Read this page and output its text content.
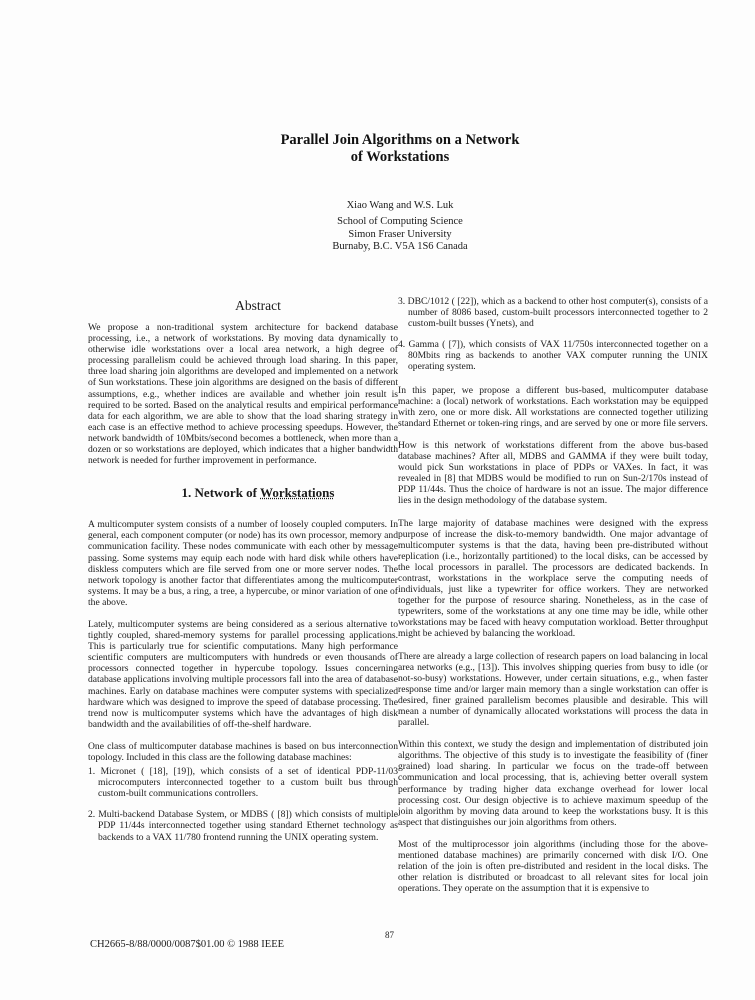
Parallel Join Algorithms on a Network
of Workstations
Xiao Wang and W.S. Luk
School of Computing Science
Simon Fraser University
Burnaby, B.C. V5A 1S6 Canada
Abstract

We propose a non-traditional system architecture for backend database processing, i.e., a network of workstations. By moving data dynamically to otherwise idle workstations over a local area network, a high degree of processing parallelism could be achieved through load sharing. In this paper, three load sharing join algorithms are developed and implemented on a network of Sun workstations. These join algorithms are designed on the basis of different assumptions, e.g., whether indices are available and whether join result is required to be sorted. Based on the analytical results and empirical performance data for each algorithm, we are able to show that the load sharing strategy in each case is an effective method to achieve processing speedups. However, the network bandwidth of 10Mbits/second becomes a bottleneck, when more than a dozen or so workstations are deployed, which indicates that a higher bandwidth network is needed for further improvement in performance.

1. Network of Workstations

A multicomputer system consists of a number of loosely coupled computers. In general, each component computer (or node) has its own processor, memory and communication facility. These nodes communicate with each other by message passing. Some systems may equip each node with hard disk while others have diskless computers which are file served from one or more server nodes. The network topology is another factor that differentiates among the multicomputer systems. It may be a bus, a ring, a tree, a hypercube, or minor variation of one of the above.

Lately, multicomputer systems are being considered as a serious alternative to tightly coupled, shared-memory systems for parallel processing applications. This is particularly true for scientific computations. Many high performance scientific computers are multicomputers with hundreds or even thousands of processors connected together in hypercube topology. Issues concerning database applications involving multiple processors fall into the area of database machines. Early on database machines were computer systems with specialized hardware which was designed to improve the speed of database processing. The trend now is multicomputer systems which have the advantages of high disk bandwidth and the availabilities of off-the-shelf hardware.

One class of multicomputer database machines is based on bus interconnection topology. Included in this class are the following database machines:

1. Micronet ( [18], [19]), which consists of a set of identical PDP-11/03 microcomputers interconnected together to a custom built bus through custom-built communications controllers.
2. Multi-backend Database System, or MDBS ( [8]) which consists of multiple PDP 11/44s interconnected together using standard Ethernet technology as backends to a VAX 11/780 frontend running the UNIX operating system.
3. DBC/1012 ( [22]), which as a backend to other host computer(s), consists of a number of 8086 based, custom-built processors interconnected together to 2 custom-built busses (Ynets), and
4. Gamma ( [7]), which consists of VAX 11/750s interconnected together on a 80Mbits ring as backends to another VAX computer running the UNIX operating system.

In this paper, we propose a different bus-based, multicomputer database machine: a (local) network of workstations. Each workstation may be equipped with zero, one or more disk. All workstations are connected together utilizing standard Ethernet or token-ring rings, and are served by one or more file servers.

How is this network of workstations different from the above bus-based database machines? After all, MDBS and GAMMA if they were built today, would pick Sun workstations in place of PDPs or VAXes. In fact, it was revealed in [8] that MDBS would be modified to run on Sun-2/170s instead of PDP 11/44s. Thus the choice of hardware is not an issue. The major difference lies in the design methodology of the database system.

The large majority of database machines were designed with the express purpose of increase the disk-to-memory bandwidth. One major advantage of multicomputer systems is that the data, having been pre-distributed without replication (i.e., horizontally partitioned) to the local disks, can be accessed by the local processors in parallel. The processors are dedicated backends. In contrast, workstations in the workplace serve the computing needs of individuals, just like a typewriter for office workers. They are networked together for the purpose of resource sharing. Nonetheless, as in the case of typewriters, some of the workstations at any one time may be idle, while other workstations may be faced with heavy computation workload. Better throughput might be achieved by balancing the workload.

There are already a large collection of research papers on load balancing in local area networks (e.g., [13]). This involves shipping queries from busy to idle (or not-so-busy) workstations. However, under certain situations, e.g., when faster response time and/or larger main memory than a single workstation can offer is desired, finer grained parallelism becomes plausible and desirable. This will mean a number of dynamically allocated workstations will process the data in parallel.

Within this context, we study the design and implementation of distributed join algorithms. The objective of this study is to investigate the feasibility of (finer grained) load sharing. In particular we focus on the trade-off between communication and local processing, that is, achieving better overall system performance by trading higher data exchange overhead for lower local processing cost. Our design objective is to achieve maximum speedup of the join algorithm by moving data around to keep the workstations busy. It is this aspect that distinguishes our join algorithms from others.

Most of the multiprocessor join algorithms (including those for the above-mentioned database machines) are primarily concerned with disk I/O. One relation of the join is often pre-distributed and resident in the local disks. The other relation is distributed or broadcast to all relevant sites for local join operations. They operate on the assumption that it is expensive to

87
CH2665-8/88/0000/0087$01.00 © 1988 IEEE
